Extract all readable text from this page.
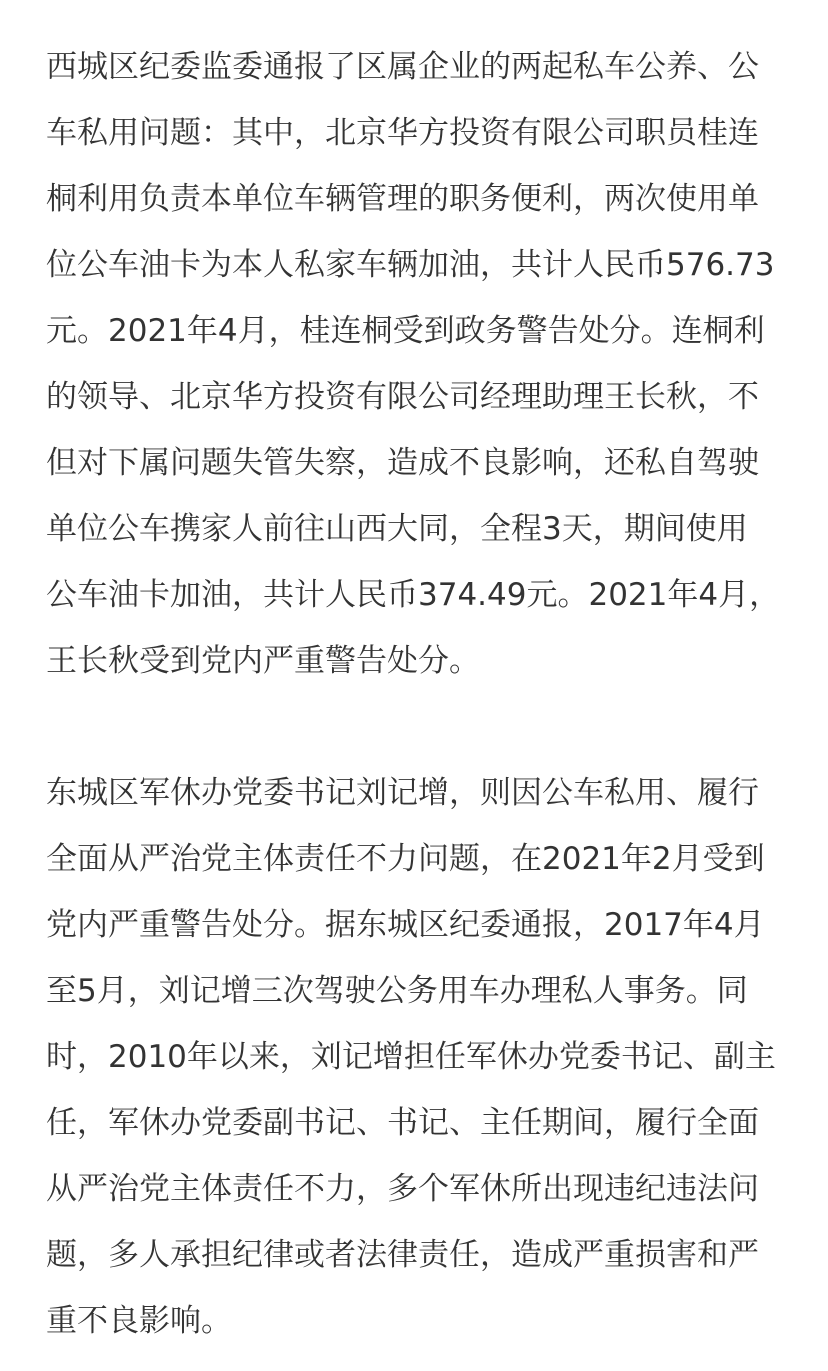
西城区纪委监委通报了区属企业的两起私车公养、公
车私用问题：其中，北京华方投资有限公司职员桂连
桐利用负责本单位车辆管理的职务便利，两次使用单
位公车油卡为本人私家车辆加油，共计人民币576.73
元。2021年4月，桂连桐受到政务警告处分。连桐利
的领导、北京华方投资有限公司经理助理王长秋，不
但对下属问题失管失察，造成不良影响，还私自驾驶
单位公车携家人前往山西大同，全程3天，期间使用
公车油卡加油，共计人民币374.49元。2021年4月，
王长秋受到党内严重警告处分。

东城区军休办党委书记刘记增，则因公车私用、履行
全面从严治党主体责任不力问题，在2021年2月受到
党内严重警告处分。据东城区纪委通报，2017年4月
至5月，刘记增三次驾驶公务用车办理私人事务。同
时，2010年以来，刘记增担任军休办党委书记、副主
任，军休办党委副书记、书记、主任期间，履行全面
从严治党主体责任不力，多个军休所出现违纪违法问
题，多人承担纪律或者法律责任，造成严重损害和严
重不良影响。
